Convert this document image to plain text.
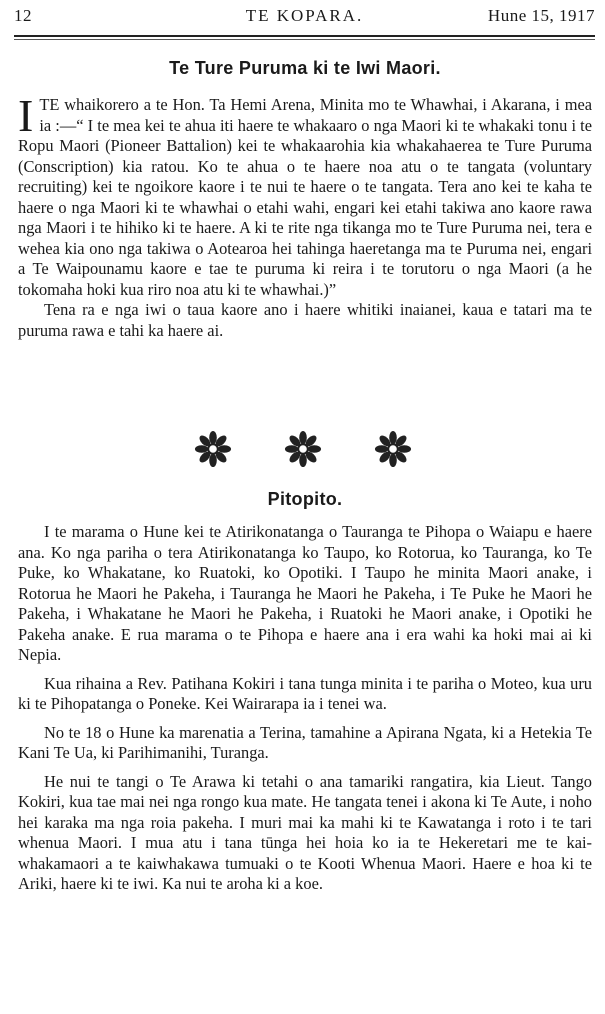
12	TE KOPARA.	Hune 15, 1917
Te Ture Puruma ki te Iwi Maori.

ITE whaikorero a te Hon. Ta Hemi Arena, Minita mo te Whawhai, i Akarana, i mea ia :—“ I te mea kei te ahua iti haere te whakaaro o nga Maori ki te whakaki tonu i te Ropu Maori (Pioneer Battalion) kei te whakaarohia kia whakahaerea te Ture Puruma (Conscription) kia ratou. Ko te ahua o te haere noa atu o te tangata (voluntary recruiting) kei te ngoikore kaore i te nui te haere o te tangata. Tera ano kei te kaha te haere o nga Maori ki te whawhai o etahi wahi, engari kei etahi takiwa ano kaore rawa nga Maori i te hihiko ki te haere. A ki te rite nga tikanga mo te Ture Puruma nei, tera e wehea kia ono nga takiwa o Aotearoa hei tahinga haeretanga ma te Puruma nei, engari a Te Waipounamu kaore e tae te puruma ki reira i te torutoru o nga Maori (a he tokomaha hoki kua riro noa atu ki te whawhai.)”

Tena ra e nga iwi o taua kaore ano i haere whitiki inaianei, kaua e tatari ma te puruma rawa e tahi ka haere ai.

Pitopito.

I te marama o Hune kei te Atirikonatanga o Tauranga te Pihopa o Waiapu e haere ana. Ko nga pariha o tera Atirikonatanga ko Taupo, ko Rotorua, ko Tauranga, ko Te Puke, ko Whakatane, ko Ruatoki, ko Opotiki. I Taupo he minita Maori anake, i Rotorua he Maori he Pakeha, i Tauranga he Maori he Pakeha, i Te Puke he Maori he Pakeha, i Whakatane he Maori he Pakeha, i Ruatoki he Maori anake, i Opotiki he Pakeha anake. E rua marama o te Pihopa e haere ana i era wahi ka hoki mai ai ki Nepia.

Kua rihaina a Rev. Patihana Kokiri i tana tunga minita i te pariha o Moteo, kua uru ki te Pihopatanga o Poneke. Kei Wairarapa ia i tenei wa.

No te 18 o Hune ka marenatia a Terina, tamahine a Apirana Ngata, ki a Hetekia Te Kani Te Ua, ki Parihimanihi, Turanga.

He nui te tangi o Te Arawa ki tetahi o ana tamariki rangatira, kia Lieut. Tango Kokiri, kua tae mai nei nga rongo kua mate. He tangata tenei i akona ki Te Aute, i noho hei karaka ma nga roia pakeha. I muri mai ka mahi ki te Kawatanga i roto i te tari whenua Maori. I mua atu i tana tūnga hei hoia ko ia te Hekeretari me te kai-whakamaori a te kaiwhakawa tumuaki o te Kooti Whenua Maori. Haere e hoa ki te Ariki, haere ki te iwi. Ka nui te aroha ki a koe.
